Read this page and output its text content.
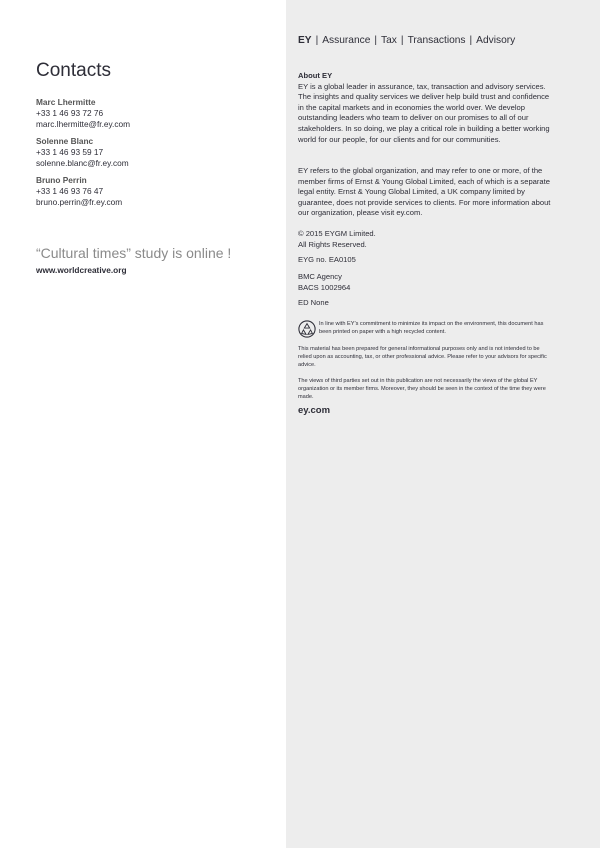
Contacts
Marc Lhermitte
+33 1 46 93 72 76
marc.lhermitte@fr.ey.com
Solenne Blanc
+33 1 46 93 59 17
solenne.blanc@fr.ey.com
Bruno Perrin
+33 1 46 93 76 47
bruno.perrin@fr.ey.com
“Cultural times” study is online !
www.worldcreative.org
EY | Assurance | Tax | Transactions | Advisory
About EY
EY is a global leader in assurance, tax, transaction and advisory services. The insights and quality services we deliver help build trust and confidence in the capital markets and in economies the world over. We develop outstanding leaders who team to deliver on our promises to all of our stakeholders. In so doing, we play a critical role in building a better working world for our people, for our clients and for our communities.
EY refers to the global organization, and may refer to one or more, of the member firms of Ernst & Young Global Limited, each of which is a separate legal entity. Ernst & Young Global Limited, a UK company limited by guarantee, does not provide services to clients. For more information about our organization, please visit ey.com.
© 2015 EYGM Limited.
All Rights Reserved.
EYG no. EA0105
BMC Agency
BACS 1002964
ED None
In line with EY’s commitment to minimize its impact on the environment, this document has been printed on paper with a high recycled content.
This material has been prepared for general informational purposes only and is not intended to be relied upon as accounting, tax, or other professional advice. Please refer to your advisors for specific advice.
The views of third parties set out in this publication are not necessarily the views of the global EY organization or its member firms. Moreover, they should be seen in the context of the time they were made.
ey.com
